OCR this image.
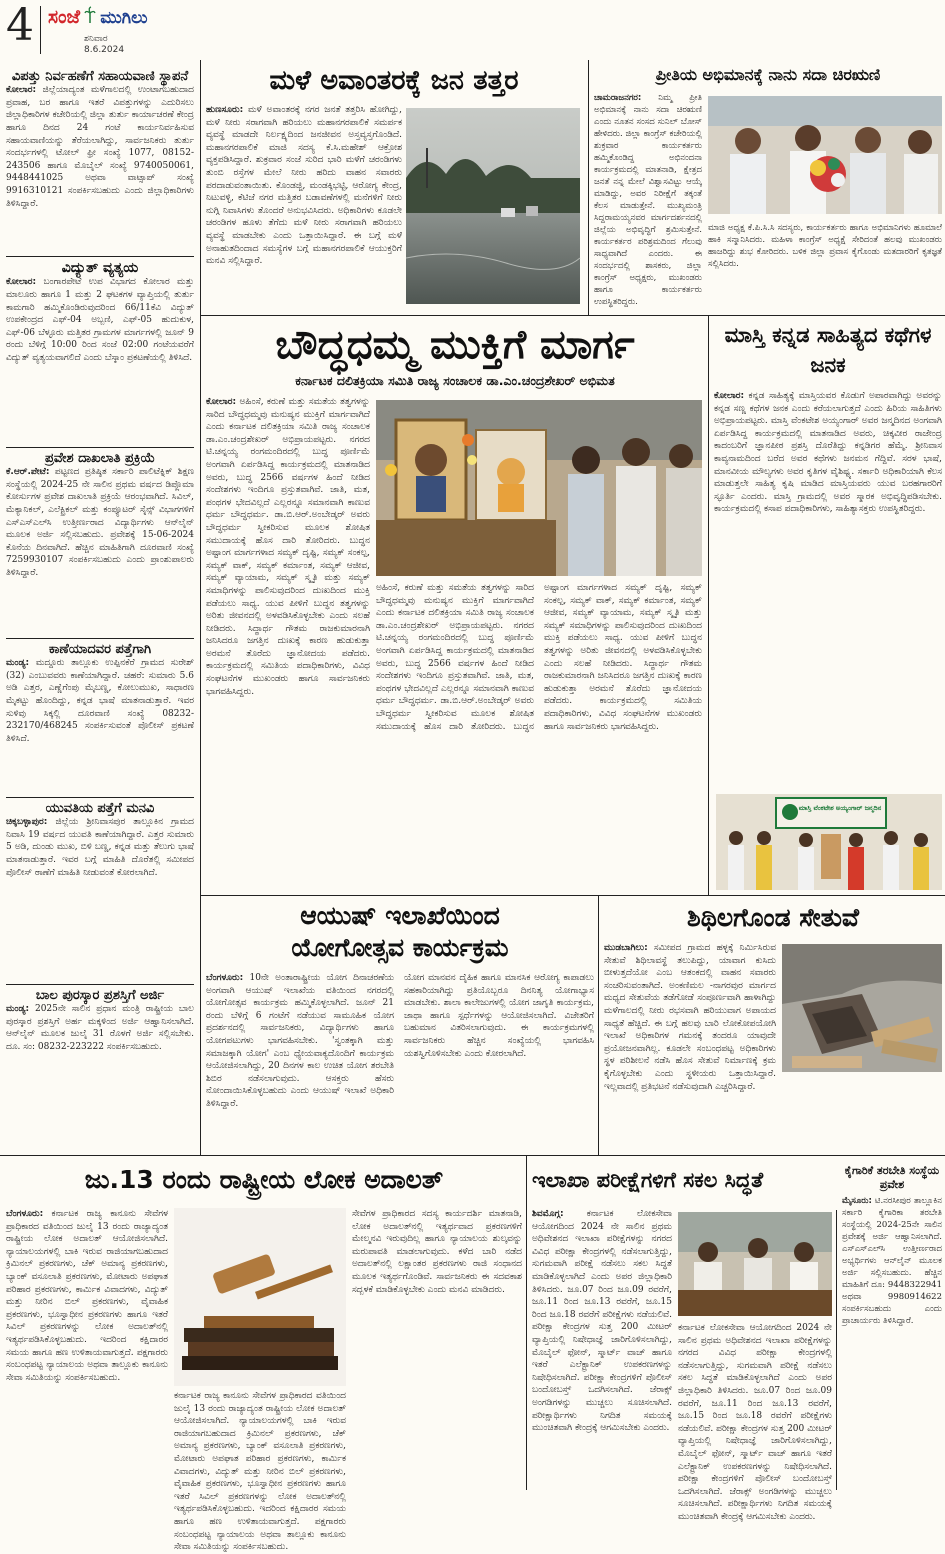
4 ಸಂಜೆ ಮುಗಿಲು
ಶನಿವಾರ
8.6.2024
ವಿಪತ್ತು ನಿರ್ವಹಣೆಗೆ ಸಹಾಯವಾಣಿ ಸ್ಥಾಪನೆ
ಕೋಲಾರ: ಜಿಲ್ಲೆಯಾದ್ಯಂತ ಮಳೆಗಾಲದಲ್ಲಿ ಉಂಟಾಗಬಹುದಾದ ಪ್ರವಾಹ, ಬರ ಹಾಗೂ ಇತರೆ ವಿಪತ್ತುಗಳನ್ನು ಎದುರಿಸಲು ಜಿಲ್ಲಾಧಿಕಾರಿಗಳ ಕಚೇರಿಯಲ್ಲಿ ಜಿಲ್ಲಾ ತುರ್ತು ಕಾರ್ಯಾಚರಣೆ ಕೇಂದ್ರ ಹಾಗೂ ದಿನದ 24 ಗಂಟೆ ಕಾರ್ಯನಿರ್ವಹಿಸುವ ಸಹಾಯವಾಣಿಯನ್ನು ತೆರೆಯಲಾಗಿದ್ದು, ಸಾರ್ವಜನಿಕರು ತುರ್ತು ಸಂದರ್ಭಗಳಲ್ಲಿ ಟೋಲ್ ಫ್ರೀ ಸಂಖ್ಯೆ 1077, 08152-243506 ಹಾಗೂ ಮೊಬೈಲ್ ಸಂಖ್ಯೆ 9740050061, 9448441025 ಅಥವಾ ವಾಟ್ಸಾಪ್ ಸಂಖ್ಯೆ 9916310121 ಸಂಪರ್ಕಿಸಬಹುದು ಎಂದು ಜಿಲ್ಲಾಧಿಕಾರಿಗಳು ತಿಳಿಸಿದ್ದಾರೆ.
ವಿದ್ಯುತ್ ವ್ಯತ್ಯಯ
ಕೋಲಾರ: ಬಂಗಾರಪೇಟೆ ಉಪ ವಿಭಾಗದ ಕೋಲಾರ ಮತ್ತು ಮಾಲೂರು ಹಾಗೂ 1 ಮತ್ತು 2 ಘಟಕಗಳ ವ್ಯಾಪ್ತಿಯಲ್ಲಿ ತುರ್ತು ಕಾಮಗಾರಿ ಹಮ್ಮಿಕೊಂಡಿರುವುದರಿಂದ 66/11ಕೆವಿ ವಿದ್ಯುತ್ ಉಪಕೇಂದ್ರದ ಎಫ್-04 ಅಬ್ಬಣಿ, ಎಫ್-05 ಹುದುಕುಳ, ಎಫ್-06 ಬೆಳ್ಳೂರು ಮತ್ತಿತರ ಗ್ರಾಮಗಳ ಮಾರ್ಗಗಳಲ್ಲಿ ಜೂನ್ 9 ರಂದು ಬೆಳಿಗ್ಗೆ 10:00 ರಿಂದ ಸಂಜೆ 02:00 ಗಂಟೆಯವರೆಗೆ ವಿದ್ಯುತ್ ವ್ಯತ್ಯಯವಾಗಲಿದೆ ಎಂದು ಬೆಸ್ಕಾಂ ಪ್ರಕಟಣೆಯಲ್ಲಿ ತಿಳಿಸಿದೆ.
ಪ್ರವೇಶ ದಾಖಲಾತಿ ಪ್ರಕ್ರಿಯೆ
ಕೆ.ಆರ್.ಪೇಟೆ: ಪಟ್ಟಣದ ಪ್ರತಿಷ್ಠಿತ ಸರ್ಕಾರಿ ಪಾಲಿಟೆಕ್ನಿಕ್ ಶಿಕ್ಷಣ ಸಂಸ್ಥೆಯಲ್ಲಿ 2024-25 ನೇ ಸಾಲಿನ ಪ್ರಥಮ ವರ್ಷದ ಡಿಪ್ಲೊಮಾ ಕೋರ್ಸುಗಳ ಪ್ರವೇಶ ದಾಖಲಾತಿ ಪ್ರಕ್ರಿಯೆ ಆರಂಭವಾಗಿದೆ. ಸಿವಿಲ್, ಮೆಕ್ಯಾನಿಕಲ್, ಎಲೆಕ್ಟ್ರಿಕಲ್ ಮತ್ತು ಕಂಪ್ಯೂಟರ್ ಸೈನ್ಸ್ ವಿಭಾಗಗಳಿಗೆ ಎಸ್‍ಎಸ್‍ಎಲ್‍ಸಿ ಉತ್ತೀರ್ಣರಾದ ವಿದ್ಯಾರ್ಥಿಗಳು ಆನ್‍ಲೈನ್ ಮೂಲಕ ಅರ್ಜಿ ಸಲ್ಲಿಸಬಹುದು. ಪ್ರವೇಶಕ್ಕೆ 15-06-2024 ಕೊನೆಯ ದಿನವಾಗಿದೆ. ಹೆಚ್ಚಿನ ಮಾಹಿತಿಗಾಗಿ ದೂರವಾಣಿ ಸಂಖ್ಯೆ 7259930107 ಸಂಪರ್ಕಿಸಬಹುದು ಎಂದು ಪ್ರಾಂಶುಪಾಲರು ತಿಳಿಸಿದ್ದಾರೆ.
ಕಾಣೆಯಾದವರ ಪತ್ತೆಗಾಗಿ
ಮಂಡ್ಯ: ಮದ್ದೂರು ತಾಲ್ಲೂಕು ಉಪ್ಪಿನಕೆರೆ ಗ್ರಾಮದ ಸುರೇಶ್ (32) ಎಂಬುವವರು ಕಾಣೆಯಾಗಿದ್ದಾರೆ. ಚಹರೆ: ಸುಮಾರು 5.6 ಅಡಿ ಎತ್ತರ, ಎಣ್ಣೆಗೆಂಪು ಮೈಬಣ್ಣ, ಕೋಲುಮುಖ, ಸಾಧಾರಣ ಮೈಕಟ್ಟು ಹೊಂದಿದ್ದು, ಕನ್ನಡ ಭಾಷೆ ಮಾತನಾಡುತ್ತಾರೆ. ಇವರ ಸುಳಿವು ಸಿಕ್ಕಲ್ಲಿ ದೂರವಾಣಿ ಸಂಖ್ಯೆ 08232-232170/468245 ಸಂಪರ್ಕಿಸುವಂತೆ ಪೊಲೀಸ್ ಪ್ರಕಟಣೆ ತಿಳಿಸಿದೆ.
ಯುವತಿಯ ಪತ್ತೆಗೆ ಮನವಿ
ಚಿಕ್ಕಬಳ್ಳಾಪುರ: ಜಿಲ್ಲೆಯ ಶ್ರೀನಿವಾಸಪುರ ತಾಲ್ಲೂಕಿನ ಗ್ರಾಮದ ನಿವಾಸಿ 19 ವರ್ಷದ ಯುವತಿ ಕಾಣೆಯಾಗಿದ್ದಾರೆ. ಎತ್ತರ ಸುಮಾರು 5 ಅಡಿ, ದುಂಡು ಮುಖ, ಬಿಳಿ ಬಣ್ಣ, ಕನ್ನಡ ಮತ್ತು ತೆಲುಗು ಭಾಷೆ ಮಾತನಾಡುತ್ತಾರೆ. ಇವರ ಬಗ್ಗೆ ಮಾಹಿತಿ ದೊರೆತಲ್ಲಿ ಸಮೀಪದ ಪೊಲೀಸ್ ಠಾಣೆಗೆ ಮಾಹಿತಿ ನೀಡುವಂತೆ ಕೋರಲಾಗಿದೆ.
ಬಾಲ ಪುರಸ್ಕಾರ ಪ್ರಶಸ್ತಿಗೆ ಅರ್ಜಿ
ಮಂಡ್ಯ: 2025ನೇ ಸಾಲಿನ ಪ್ರಧಾನ ಮಂತ್ರಿ ರಾಷ್ಟ್ರೀಯ ಬಾಲ ಪುರಸ್ಕಾರ ಪ್ರಶಸ್ತಿಗೆ ಅರ್ಹ ಮಕ್ಕಳಿಂದ ಅರ್ಜಿ ಆಹ್ವಾನಿಸಲಾಗಿದೆ. ಆನ್‍ಲೈನ್ ಮೂಲಕ ಜುಲೈ 31 ರೊಳಗೆ ಅರ್ಜಿ ಸಲ್ಲಿಸಬೇಕು. ದೂ. ಸಂ: 08232-223222 ಸಂಪರ್ಕಿಸಬಹುದು.
ಮಳೆ ಅವಾಂತರಕ್ಕೆ ಜನ ತತ್ತರ
ಹುಣಸೂರು: ಮಳೆ ಅವಾಂತರಕ್ಕೆ ನಗರ ಜನತೆ ತತ್ತರಿಸಿ ಹೋಗಿದ್ದು, ಮಳೆ ನೀರು ಸರಾಗವಾಗಿ ಹರಿಯಲು ಮಹಾನಗರಪಾಲಿಕೆ ಸಮರ್ಪಕ ವ್ಯವಸ್ಥೆ ಮಾಡದೇ ನಿರ್ಲಕ್ಷ್ಯದಿಂದ ಜನಜೀವನ ಅಸ್ತವ್ಯಸ್ತಗೊಂಡಿದೆ. ಮಹಾನಗರಪಾಲಿಕೆ ಮಾಜಿ ಸದಸ್ಯ ಕೆ.ಸಿ.ಮಹೇಶ್ ಆಕ್ರೋಶ ವ್ಯಕ್ತಪಡಿಸಿದ್ದಾರೆ. ಶುಕ್ರವಾರ ಸಂಜೆ ಸುರಿದ ಭಾರಿ ಮಳೆಗೆ ಚರಂಡಿಗಳು ತುಂಬಿ ರಸ್ತೆಗಳ ಮೇಲೆ ನೀರು ಹರಿದು ವಾಹನ ಸವಾರರು ಪರದಾಡುವಂತಾಯಿತು. ಕೊಂಡಜ್ಜಿ, ಮಂಡಕ್ಕಿಭಟ್ಟಿ, ಆರೋಗ್ಯ ಕೇಂದ್ರ, ನಿಟುವಳ್ಳಿ, ಕೆಟಿಜೆ ನಗರ ಮತ್ತಿತರ ಬಡಾವಣೆಗಳಲ್ಲಿ ಮನೆಗಳಿಗೆ ನೀರು ನುಗ್ಗಿ ನಿವಾಸಿಗಳು ತೊಂದರೆ ಅನುಭವಿಸಿದರು. ಅಧಿಕಾರಿಗಳು ಕೂಡಲೇ ಚರಂಡಿಗಳ ಹೂಳು ತೆಗೆದು ಮಳೆ ನೀರು ಸರಾಗವಾಗಿ ಹರಿಯಲು ವ್ಯವಸ್ಥೆ ಮಾಡಬೇಕು ಎಂದು ಒತ್ತಾಯಿಸಿದ್ದಾರೆ. ಈ ಬಗ್ಗೆ ಮಳೆ ಅನಾಹುತದಿಂದಾದ ಸಮಸ್ಯೆಗಳ ಬಗ್ಗೆ ಮಹಾನಗರಪಾಲಿಕೆ ಆಯುಕ್ತರಿಗೆ ಮನವಿ ಸಲ್ಲಿಸಿದ್ದಾರೆ.
ಪ್ರೀತಿಯ ಅಭಿಮಾನಕ್ಕೆ ನಾನು ಸದಾ ಚಿರಋಣಿ
ಚಾಮರಾಜನಗರ: ನಿಮ್ಮ ಪ್ರೀತಿ ಅಭಿಮಾನಕ್ಕೆ ನಾನು ಸದಾ ಚಿರಋಣಿ ಎಂದು ನೂತನ ಸಂಸದ ಸುನಿಲ್ ಬೋಸ್ ಹೇಳಿದರು. ಜಿಲ್ಲಾ ಕಾಂಗ್ರೆಸ್ ಕಚೇರಿಯಲ್ಲಿ ಶುಕ್ರವಾರ ಕಾರ್ಯಕರ್ತರು ಹಮ್ಮಿಕೊಂಡಿದ್ದ ಅಭಿನಂದನಾ ಕಾರ್ಯಕ್ರಮದಲ್ಲಿ ಮಾತನಾಡಿ, ಕ್ಷೇತ್ರದ ಜನತೆ ನನ್ನ ಮೇಲೆ ವಿಶ್ವಾಸವಿಟ್ಟು ಆಯ್ಕೆ ಮಾಡಿದ್ದು, ಅವರ ನಿರೀಕ್ಷೆಗೆ ತಕ್ಕಂತೆ ಕೆಲಸ ಮಾಡುತ್ತೇನೆ. ಮುಖ್ಯಮಂತ್ರಿ ಸಿದ್ದರಾಮಯ್ಯನವರ ಮಾರ್ಗದರ್ಶನದಲ್ಲಿ ಜಿಲ್ಲೆಯ ಅಭಿವೃದ್ಧಿಗೆ ಶ್ರಮಿಸುತ್ತೇನೆ. ಕಾರ್ಯಕರ್ತರ ಪರಿಶ್ರಮದಿಂದ ಗೆಲುವು ಸಾಧ್ಯವಾಗಿದೆ ಎಂದರು. ಈ ಸಂದರ್ಭದಲ್ಲಿ ಶಾಸಕರು, ಜಿಲ್ಲಾ ಕಾಂಗ್ರೆಸ್ ಅಧ್ಯಕ್ಷರು, ಮುಖಂಡರು ಹಾಗೂ ಕಾರ್ಯಕರ್ತರು ಉಪಸ್ಥಿತರಿದ್ದರು.
ಮಾಜಿ ಅಧ್ಯಕ್ಷ ಕೆ.ಪಿ.ಸಿ.ಸಿ ಸದಸ್ಯರು, ಕಾರ್ಯಕರ್ತರು ಹಾಗೂ ಅಭಿಮಾನಿಗಳು ಹೂಮಾಲೆ ಹಾಕಿ ಸನ್ಮಾನಿಸಿದರು. ಮಹಿಳಾ ಕಾಂಗ್ರೆಸ್ ಅಧ್ಯಕ್ಷೆ ಸೇರಿದಂತೆ ಹಲವು ಮುಖಂಡರು ಹಾಜರಿದ್ದು ಶುಭ ಕೋರಿದರು. ಬಳಿಕ ಜಿಲ್ಲಾ ಪ್ರವಾಸ ಕೈಗೊಂಡು ಮತದಾರರಿಗೆ ಕೃತಜ್ಞತೆ ಸಲ್ಲಿಸಿದರು.
ಬೌದ್ಧಧಮ್ಮ ಮುಕ್ತಿಗೆ ಮಾರ್ಗ
ಕರ್ನಾಟಕ ದಲಿತಕ್ರಿಯಾ ಸಮಿತಿ ರಾಜ್ಯ ಸಂಚಾಲಕ ಡಾ.ಎಂ.ಚಂದ್ರಶೇಖರ್ ಅಭಿಮತ
ಕೋಲಾರ: ಅಹಿಂಸೆ, ಕರುಣೆ ಮತ್ತು ಸಮತೆಯ ತತ್ವಗಳನ್ನು ಸಾರಿದ ಬೌದ್ಧಧಮ್ಮವು ಮನುಷ್ಯನ ಮುಕ್ತಿಗೆ ಮಾರ್ಗವಾಗಿದೆ ಎಂದು ಕರ್ನಾಟಕ ದಲಿತಕ್ರಿಯಾ ಸಮಿತಿ ರಾಜ್ಯ ಸಂಚಾಲಕ ಡಾ.ಎಂ.ಚಂದ್ರಶೇಖರ್ ಅಭಿಪ್ರಾಯಪಟ್ಟರು. ನಗರದ ಟಿ.ಚನ್ನಯ್ಯ ರಂಗಮಂದಿರದಲ್ಲಿ ಬುದ್ಧ ಪೂರ್ಣಿಮೆ ಅಂಗವಾಗಿ ಏರ್ಪಡಿಸಿದ್ದ ಕಾರ್ಯಕ್ರಮದಲ್ಲಿ ಮಾತನಾಡಿದ ಅವರು, ಬುದ್ಧ 2566 ವರ್ಷಗಳ ಹಿಂದೆ ನೀಡಿದ ಸಂದೇಶಗಳು ಇಂದಿಗೂ ಪ್ರಸ್ತುತವಾಗಿವೆ. ಜಾತಿ, ಮತ, ಪಂಥಗಳ ಭೇದವಿಲ್ಲದೆ ಎಲ್ಲರನ್ನೂ ಸಮಾನವಾಗಿ ಕಾಣುವ ಧರ್ಮ ಬೌದ್ಧಧರ್ಮ. ಡಾ.ಬಿ.ಆರ್.ಅಂಬೇಡ್ಕರ್ ಅವರು ಬೌದ್ಧಧರ್ಮ ಸ್ವೀಕರಿಸುವ ಮೂಲಕ ಶೋಷಿತ ಸಮುದಾಯಕ್ಕೆ ಹೊಸ ದಾರಿ ತೋರಿದರು. ಬುದ್ಧನ ಅಷ್ಟಾಂಗ ಮಾರ್ಗಗಳಾದ ಸಮ್ಯಕ್ ದೃಷ್ಟಿ, ಸಮ್ಯಕ್ ಸಂಕಲ್ಪ, ಸಮ್ಯಕ್ ವಾಕ್, ಸಮ್ಯಕ್ ಕರ್ಮಾಂತ, ಸಮ್ಯಕ್ ಆಜೀವ, ಸಮ್ಯಕ್ ವ್ಯಾಯಾಮ, ಸಮ್ಯಕ್ ಸ್ಮೃತಿ ಮತ್ತು ಸಮ್ಯಕ್ ಸಮಾಧಿಗಳನ್ನು ಪಾಲಿಸುವುದರಿಂದ ದುಃಖದಿಂದ ಮುಕ್ತಿ ಪಡೆಯಲು ಸಾಧ್ಯ. ಯುವ ಪೀಳಿಗೆ ಬುದ್ಧನ ತತ್ವಗಳನ್ನು ಅರಿತು ಜೀವನದಲ್ಲಿ ಅಳವಡಿಸಿಕೊಳ್ಳಬೇಕು ಎಂದು ಸಲಹೆ ನೀಡಿದರು. ಸಿದ್ಧಾರ್ಥ ಗೌತಮ ರಾಜಕುಮಾರನಾಗಿ ಜನಿಸಿದರೂ ಜಗತ್ತಿನ ದುಃಖಕ್ಕೆ ಕಾರಣ ಹುಡುಕುತ್ತಾ ಅರಮನೆ ತೊರೆದು ಜ್ಞಾನೋದಯ ಪಡೆದರು. ಕಾರ್ಯಕ್ರಮದಲ್ಲಿ ಸಮಿತಿಯ ಪದಾಧಿಕಾರಿಗಳು, ವಿವಿಧ ಸಂಘಟನೆಗಳ ಮುಖಂಡರು ಹಾಗೂ ಸಾರ್ವಜನಿಕರು ಭಾಗವಹಿಸಿದ್ದರು.
ಅಹಿಂಸೆ, ಕರುಣೆ ಮತ್ತು ಸಮತೆಯ ತತ್ವಗಳನ್ನು ಸಾರಿದ ಬೌದ್ಧಧಮ್ಮವು ಮನುಷ್ಯನ ಮುಕ್ತಿಗೆ ಮಾರ್ಗವಾಗಿದೆ ಎಂದು ಕರ್ನಾಟಕ ದಲಿತಕ್ರಿಯಾ ಸಮಿತಿ ರಾಜ್ಯ ಸಂಚಾಲಕ ಡಾ.ಎಂ.ಚಂದ್ರಶೇಖರ್ ಅಭಿಪ್ರಾಯಪಟ್ಟರು. ನಗರದ ಟಿ.ಚನ್ನಯ್ಯ ರಂಗಮಂದಿರದಲ್ಲಿ ಬುದ್ಧ ಪೂರ್ಣಿಮೆ ಅಂಗವಾಗಿ ಏರ್ಪಡಿಸಿದ್ದ ಕಾರ್ಯಕ್ರಮದಲ್ಲಿ ಮಾತನಾಡಿದ ಅವರು, ಬುದ್ಧ 2566 ವರ್ಷಗಳ ಹಿಂದೆ ನೀಡಿದ ಸಂದೇಶಗಳು ಇಂದಿಗೂ ಪ್ರಸ್ತುತವಾಗಿವೆ. ಜಾತಿ, ಮತ, ಪಂಥಗಳ ಭೇದವಿಲ್ಲದೆ ಎಲ್ಲರನ್ನೂ ಸಮಾನವಾಗಿ ಕಾಣುವ ಧರ್ಮ ಬೌದ್ಧಧರ್ಮ. ಡಾ.ಬಿ.ಆರ್.ಅಂಬೇಡ್ಕರ್ ಅವರು ಬೌದ್ಧಧರ್ಮ ಸ್ವೀಕರಿಸುವ ಮೂಲಕ ಶೋಷಿತ ಸಮುದಾಯಕ್ಕೆ ಹೊಸ ದಾರಿ ತೋರಿದರು. ಬುದ್ಧನ ಅಷ್ಟಾಂಗ ಮಾರ್ಗಗಳಾದ ಸಮ್ಯಕ್ ದೃಷ್ಟಿ, ಸಮ್ಯಕ್ ಸಂಕಲ್ಪ, ಸಮ್ಯಕ್ ವಾಕ್, ಸಮ್ಯಕ್ ಕರ್ಮಾಂತ, ಸಮ್ಯಕ್ ಆಜೀವ, ಸಮ್ಯಕ್ ವ್ಯಾಯಾಮ, ಸಮ್ಯಕ್ ಸ್ಮೃತಿ ಮತ್ತು ಸಮ್ಯಕ್ ಸಮಾಧಿಗಳನ್ನು ಪಾಲಿಸುವುದರಿಂದ ದುಃಖದಿಂದ ಮುಕ್ತಿ ಪಡೆಯಲು ಸಾಧ್ಯ. ಯುವ ಪೀಳಿಗೆ ಬುದ್ಧನ ತತ್ವಗಳನ್ನು ಅರಿತು ಜೀವನದಲ್ಲಿ ಅಳವಡಿಸಿಕೊಳ್ಳಬೇಕು ಎಂದು ಸಲಹೆ ನೀಡಿದರು. ಸಿದ್ಧಾರ್ಥ ಗೌತಮ ರಾಜಕುಮಾರನಾಗಿ ಜನಿಸಿದರೂ ಜಗತ್ತಿನ ದುಃಖಕ್ಕೆ ಕಾರಣ ಹುಡುಕುತ್ತಾ ಅರಮನೆ ತೊರೆದು ಜ್ಞಾನೋದಯ ಪಡೆದರು. ಕಾರ್ಯಕ್ರಮದಲ್ಲಿ ಸಮಿತಿಯ ಪದಾಧಿಕಾರಿಗಳು, ವಿವಿಧ ಸಂಘಟನೆಗಳ ಮುಖಂಡರು ಹಾಗೂ ಸಾರ್ವಜನಿಕರು ಭಾಗವಹಿಸಿದ್ದರು.
ಮಾಸ್ತಿ ಕನ್ನಡ ಸಾಹಿತ್ಯದ ಕಥೆಗಳ ಜನಕ
ಕೋಲಾರ: ಕನ್ನಡ ಸಾಹಿತ್ಯಕ್ಕೆ ಮಾಸ್ತಿಯವರ ಕೊಡುಗೆ ಅಪಾರವಾಗಿದ್ದು ಅವರನ್ನು ಕನ್ನಡ ಸಣ್ಣ ಕಥೆಗಳ ಜನಕ ಎಂದು ಕರೆಯಲಾಗುತ್ತದೆ ಎಂದು ಹಿರಿಯ ಸಾಹಿತಿಗಳು ಅಭಿಪ್ರಾಯಪಟ್ಟರು. ಮಾಸ್ತಿ ವೆಂಕಟೇಶ ಅಯ್ಯಂಗಾರ್ ಅವರ ಜನ್ಮದಿನದ ಅಂಗವಾಗಿ ಏರ್ಪಡಿಸಿದ್ದ ಕಾರ್ಯಕ್ರಮದಲ್ಲಿ ಮಾತನಾಡಿದ ಅವರು, ಚಿಕ್ಕವೀರ ರಾಜೇಂದ್ರ ಕಾದಂಬರಿಗೆ ಜ್ಞಾನಪೀಠ ಪ್ರಶಸ್ತಿ ದೊರೆತಿದ್ದು ಕನ್ನಡಿಗರ ಹೆಮ್ಮೆ. ಶ್ರೀನಿವಾಸ ಕಾವ್ಯನಾಮದಿಂದ ಬರೆದ ಅವರ ಕಥೆಗಳು ಜನಮನ ಗೆದ್ದಿವೆ. ಸರಳ ಭಾಷೆ, ಮಾನವೀಯ ಮೌಲ್ಯಗಳು ಅವರ ಕೃತಿಗಳ ವೈಶಿಷ್ಟ್ಯ. ಸರ್ಕಾರಿ ಅಧಿಕಾರಿಯಾಗಿ ಕೆಲಸ ಮಾಡುತ್ತಲೇ ಸಾಹಿತ್ಯ ಕೃಷಿ ಮಾಡಿದ ಮಾಸ್ತಿಯವರು ಯುವ ಬರಹಗಾರರಿಗೆ ಸ್ಫೂರ್ತಿ ಎಂದರು. ಮಾಸ್ತಿ ಗ್ರಾಮದಲ್ಲಿ ಅವರ ಸ್ಮಾರಕ ಅಭಿವೃದ್ಧಿಪಡಿಸಬೇಕು. ಕಾರ್ಯಕ್ರಮದಲ್ಲಿ ಕಸಾಪ ಪದಾಧಿಕಾರಿಗಳು, ಸಾಹಿತ್ಯಾಸಕ್ತರು ಉಪಸ್ಥಿತರಿದ್ದರು.
ಮಾಸ್ತಿ ವೆಂಕಟೇಶ ಅಯ್ಯಂಗಾರ್ ಜನ್ಮದಿನ
ಆಯುಷ್ ಇಲಾಖೆಯಿಂದ
ಯೋಗೋತ್ಸವ ಕಾರ್ಯಕ್ರಮ
ಬೆಂಗಳೂರು: 10ನೇ ಅಂತಾರಾಷ್ಟ್ರೀಯ ಯೋಗ ದಿನಾಚರಣೆಯ ಅಂಗವಾಗಿ ಆಯುಷ್ ಇಲಾಖೆಯ ವತಿಯಿಂದ ನಗರದಲ್ಲಿ ಯೋಗೋತ್ಸವ ಕಾರ್ಯಕ್ರಮ ಹಮ್ಮಿಕೊಳ್ಳಲಾಗಿದೆ. ಜೂನ್ 21 ರಂದು ಬೆಳಿಗ್ಗೆ 6 ಗಂಟೆಗೆ ನಡೆಯುವ ಸಾಮೂಹಿಕ ಯೋಗ ಪ್ರದರ್ಶನದಲ್ಲಿ ಸಾರ್ವಜನಿಕರು, ವಿದ್ಯಾರ್ಥಿಗಳು ಹಾಗೂ ಯೋಗಪಟುಗಳು ಭಾಗವಹಿಸಬೇಕು. 'ಸ್ವಂತಕ್ಕಾಗಿ ಮತ್ತು ಸಮಾಜಕ್ಕಾಗಿ ಯೋಗ' ಎಂಬ ಧ್ಯೇಯವಾಕ್ಯದೊಂದಿಗೆ ಕಾರ್ಯಕ್ರಮ ಆಯೋಜಿಸಲಾಗಿದ್ದು, 20 ದಿನಗಳ ಕಾಲ ಉಚಿತ ಯೋಗ ತರಬೇತಿ ಶಿಬಿರ ನಡೆಸಲಾಗುವುದು. ಆಸಕ್ತರು ಹೆಸರು ನೋಂದಾಯಿಸಿಕೊಳ್ಳಬಹುದು ಎಂದು ಆಯುಷ್ ಇಲಾಖೆ ಅಧಿಕಾರಿ ತಿಳಿಸಿದ್ದಾರೆ.
ಯೋಗ ಮಾನವನ ದೈಹಿಕ ಹಾಗೂ ಮಾನಸಿಕ ಆರೋಗ್ಯ ಕಾಪಾಡಲು ಸಹಕಾರಿಯಾಗಿದ್ದು ಪ್ರತಿಯೊಬ್ಬರೂ ದಿನನಿತ್ಯ ಯೋಗಾಭ್ಯಾಸ ಮಾಡಬೇಕು. ಶಾಲಾ ಕಾಲೇಜುಗಳಲ್ಲಿ ಯೋಗ ಜಾಗೃತಿ ಕಾರ್ಯಕ್ರಮ, ಜಾಥಾ ಹಾಗೂ ಸ್ಪರ್ಧೆಗಳನ್ನು ಆಯೋಜಿಸಲಾಗಿದೆ. ವಿಜೇತರಿಗೆ ಬಹುಮಾನ ವಿತರಿಸಲಾಗುವುದು. ಈ ಕಾರ್ಯಕ್ರಮಗಳಲ್ಲಿ ಸಾರ್ವಜನಿಕರು ಹೆಚ್ಚಿನ ಸಂಖ್ಯೆಯಲ್ಲಿ ಭಾಗವಹಿಸಿ ಯಶಸ್ವಿಗೊಳಿಸಬೇಕು ಎಂದು ಕೋರಲಾಗಿದೆ.
ಶಿಥಿಲಗೊಂಡ ಸೇತುವೆ
ಮುಡಬಾಗಿಲು: ಸಮೀಪದ ಗ್ರಾಮದ ಹಳ್ಳಕ್ಕೆ ನಿರ್ಮಿಸಿರುವ ಸೇತುವೆ ಶಿಥಿಲಾವಸ್ಥೆ ತಲುಪಿದ್ದು, ಯಾವಾಗ ಕುಸಿದು ಬೀಳುತ್ತದೆಯೋ ಎಂಬ ಆತಂಕದಲ್ಲಿ ವಾಹನ ಸವಾರರು ಸಂಚರಿಸುವಂತಾಗಿದೆ. ಅಂಕಣಿಮಲ -ನಾಗರವುರ ಮಾರ್ಗದ ಮಧ್ಯದ ಸೇತುವೆಯ ತಡೆಗೋಡೆ ಸಂಪೂರ್ಣವಾಗಿ ಹಾಳಾಗಿದ್ದು ಮಳೆಗಾಲದಲ್ಲಿ ನೀರು ರಭಸವಾಗಿ ಹರಿಯುವಾಗ ಅಪಾಯದ ಸಾಧ್ಯತೆ ಹೆಚ್ಚಿದೆ. ಈ ಬಗ್ಗೆ ಹಲವು ಬಾರಿ ಲೋಕೋಪಯೋಗಿ ಇಲಾಖೆ ಅಧಿಕಾರಿಗಳ ಗಮನಕ್ಕೆ ತಂದರೂ ಯಾವುದೇ ಪ್ರಯೋಜನವಾಗಿಲ್ಲ. ಕೂಡಲೇ ಸಂಬಂಧಪಟ್ಟ ಅಧಿಕಾರಿಗಳು ಸ್ಥಳ ಪರಿಶೀಲನೆ ನಡೆಸಿ ಹೊಸ ಸೇತುವೆ ನಿರ್ಮಾಣಕ್ಕೆ ಕ್ರಮ ಕೈಗೊಳ್ಳಬೇಕು ಎಂದು ಸ್ಥಳೀಯರು ಒತ್ತಾಯಿಸಿದ್ದಾರೆ. ಇಲ್ಲವಾದಲ್ಲಿ ಪ್ರತಿಭಟನೆ ನಡೆಸುವುದಾಗಿ ಎಚ್ಚರಿಸಿದ್ದಾರೆ.
ಜು.13 ರಂದು ರಾಷ್ಟ್ರೀಯ ಲೋಕ ಅದಾಲತ್
ಬೆಂಗಳೂರು: ಕರ್ನಾಟಕ ರಾಜ್ಯ ಕಾನೂನು ಸೇವೆಗಳ ಪ್ರಾಧಿಕಾರದ ವತಿಯಿಂದ ಜುಲೈ 13 ರಂದು ರಾಜ್ಯಾದ್ಯಂತ ರಾಷ್ಟ್ರೀಯ ಲೋಕ ಅದಾಲತ್ ಆಯೋಜಿಸಲಾಗಿದೆ. ನ್ಯಾಯಾಲಯಗಳಲ್ಲಿ ಬಾಕಿ ಇರುವ ರಾಜಿಯಾಗಬಹುದಾದ ಕ್ರಿಮಿನಲ್ ಪ್ರಕರಣಗಳು, ಚೆಕ್ ಅಮಾನ್ಯ ಪ್ರಕರಣಗಳು, ಬ್ಯಾಂಕ್ ವಸೂಲಾತಿ ಪ್ರಕರಣಗಳು, ಮೋಟಾರು ಅಪಘಾತ ಪರಿಹಾರ ಪ್ರಕರಣಗಳು, ಕಾರ್ಮಿಕ ವಿವಾದಗಳು, ವಿದ್ಯುತ್ ಮತ್ತು ನೀರಿನ ಬಿಲ್ ಪ್ರಕರಣಗಳು, ವೈವಾಹಿಕ ಪ್ರಕರಣಗಳು, ಭೂಸ್ವಾಧೀನ ಪ್ರಕರಣಗಳು ಹಾಗೂ ಇತರೆ ಸಿವಿಲ್ ಪ್ರಕರಣಗಳನ್ನು ಲೋಕ ಅದಾಲತ್‍ನಲ್ಲಿ ಇತ್ಯರ್ಥಪಡಿಸಿಕೊಳ್ಳಬಹುದು. ಇದರಿಂದ ಕಕ್ಷಿದಾರರ ಸಮಯ ಹಾಗೂ ಹಣ ಉಳಿತಾಯವಾಗುತ್ತದೆ. ಪಕ್ಷಗಾರರು ಸಂಬಂಧಪಟ್ಟ ನ್ಯಾಯಾಲಯ ಅಥವಾ ತಾಲ್ಲೂಕು ಕಾನೂನು ಸೇವಾ ಸಮಿತಿಯನ್ನು ಸಂಪರ್ಕಿಸಬಹುದು.
ಕರ್ನಾಟಕ ರಾಜ್ಯ ಕಾನೂನು ಸೇವೆಗಳ ಪ್ರಾಧಿಕಾರದ ವತಿಯಿಂದ ಜುಲೈ 13 ರಂದು ರಾಜ್ಯಾದ್ಯಂತ ರಾಷ್ಟ್ರೀಯ ಲೋಕ ಅದಾಲತ್ ಆಯೋಜಿಸಲಾಗಿದೆ. ನ್ಯಾಯಾಲಯಗಳಲ್ಲಿ ಬಾಕಿ ಇರುವ ರಾಜಿಯಾಗಬಹುದಾದ ಕ್ರಿಮಿನಲ್ ಪ್ರಕರಣಗಳು, ಚೆಕ್ ಅಮಾನ್ಯ ಪ್ರಕರಣಗಳು, ಬ್ಯಾಂಕ್ ವಸೂಲಾತಿ ಪ್ರಕರಣಗಳು, ಮೋಟಾರು ಅಪಘಾತ ಪರಿಹಾರ ಪ್ರಕರಣಗಳು, ಕಾರ್ಮಿಕ ವಿವಾದಗಳು, ವಿದ್ಯುತ್ ಮತ್ತು ನೀರಿನ ಬಿಲ್ ಪ್ರಕರಣಗಳು, ವೈವಾಹಿಕ ಪ್ರಕರಣಗಳು, ಭೂಸ್ವಾಧೀನ ಪ್ರಕರಣಗಳು ಹಾಗೂ ಇತರೆ ಸಿವಿಲ್ ಪ್ರಕರಣಗಳನ್ನು ಲೋಕ ಅದಾಲತ್‍ನಲ್ಲಿ ಇತ್ಯರ್ಥಪಡಿಸಿಕೊಳ್ಳಬಹುದು. ಇದರಿಂದ ಕಕ್ಷಿದಾರರ ಸಮಯ ಹಾಗೂ ಹಣ ಉಳಿತಾಯವಾಗುತ್ತದೆ. ಪಕ್ಷಗಾರರು ಸಂಬಂಧಪಟ್ಟ ನ್ಯಾಯಾಲಯ ಅಥವಾ ತಾಲ್ಲೂಕು ಕಾನೂನು ಸೇವಾ ಸಮಿತಿಯನ್ನು ಸಂಪರ್ಕಿಸಬಹುದು.
ಸೇವೆಗಳ ಪ್ರಾಧಿಕಾರದ ಸದಸ್ಯ ಕಾರ್ಯದರ್ಶಿ ಮಾತನಾಡಿ, ಲೋಕ ಅದಾಲತ್‍ನಲ್ಲಿ ಇತ್ಯರ್ಥವಾದ ಪ್ರಕರಣಗಳಿಗೆ ಮೇಲ್ಮನವಿ ಇರುವುದಿಲ್ಲ ಹಾಗೂ ನ್ಯಾಯಾಲಯ ಶುಲ್ಕವನ್ನು ಮರುಪಾವತಿ ಮಾಡಲಾಗುವುದು. ಕಳೆದ ಬಾರಿ ನಡೆದ ಅದಾಲತ್‍ನಲ್ಲಿ ಲಕ್ಷಾಂತರ ಪ್ರಕರಣಗಳು ರಾಜಿ ಸಂಧಾನದ ಮೂಲಕ ಇತ್ಯರ್ಥಗೊಂಡಿವೆ. ಸಾರ್ವಜನಿಕರು ಈ ಸದವಕಾಶ ಸದ್ಬಳಕೆ ಮಾಡಿಕೊಳ್ಳಬೇಕು ಎಂದು ಮನವಿ ಮಾಡಿದರು.
ಇಲಾಖಾ ಪರೀಕ್ಷೆಗಳಿಗೆ ಸಕಲ ಸಿದ್ಧತೆ
ಶಿವಮೊಗ್ಗ:	ಕರ್ನಾಟಕ ಲೋಕಸೇವಾ ಆಯೋಗದಿಂದ 2024 ನೇ ಸಾಲಿನ ಪ್ರಥಮ ಅಧಿವೇಶನದ ಇಲಾಖಾ ಪರೀಕ್ಷೆಗಳನ್ನು ನಗರದ ವಿವಿಧ ಪರೀಕ್ಷಾ ಕೇಂದ್ರಗಳಲ್ಲಿ ನಡೆಸಲಾಗುತ್ತಿದ್ದು, ಸುಗಮವಾಗಿ ಪರೀಕ್ಷೆ ನಡೆಸಲು ಸಕಲ ಸಿದ್ಧತೆ ಮಾಡಿಕೊಳ್ಳಲಾಗಿದೆ ಎಂದು ಅಪರ ಜಿಲ್ಲಾಧಿಕಾರಿ ತಿಳಿಸಿದರು. ಜೂ.07 ರಿಂದ ಜೂ.09 ರವರೆಗೆ, ಜೂ.11 ರಿಂದ ಜೂ.13 ರವರೆಗೆ, ಜೂ.15 ರಿಂದ ಜೂ.18 ರವರೆಗೆ ಪರೀಕ್ಷೆಗಳು ನಡೆಯಲಿವೆ. ಪರೀಕ್ಷಾ ಕೇಂದ್ರಗಳ ಸುತ್ತ 200 ಮೀಟರ್ ವ್ಯಾಪ್ತಿಯಲ್ಲಿ ನಿಷೇಧಾಜ್ಞೆ ಜಾರಿಗೊಳಿಸಲಾಗಿದ್ದು, ಮೊಬೈಲ್ ಫೋನ್, ಸ್ಮಾರ್ಟ್ ವಾಚ್ ಹಾಗೂ ಇತರೆ ಎಲೆಕ್ಟ್ರಾನಿಕ್ ಉಪಕರಣಗಳನ್ನು ನಿಷೇಧಿಸಲಾಗಿದೆ. ಪರೀಕ್ಷಾ ಕೇಂದ್ರಗಳಿಗೆ ಪೊಲೀಸ್ ಬಂದೋಬಸ್ತ್ ಒದಗಿಸಲಾಗಿದೆ. ಜೆರಾಕ್ಸ್ ಅಂಗಡಿಗಳನ್ನು ಮುಚ್ಚಲು ಸೂಚಿಸಲಾಗಿದೆ. ಪರೀಕ್ಷಾರ್ಥಿಗಳು ನಿಗದಿತ ಸಮಯಕ್ಕೆ ಮುಂಚಿತವಾಗಿ ಕೇಂದ್ರಕ್ಕೆ ಆಗಮಿಸಬೇಕು ಎಂದರು.
ಕರ್ನಾಟಕ ಲೋಕಸೇವಾ ಆಯೋಗದಿಂದ 2024 ನೇ ಸಾಲಿನ ಪ್ರಥಮ ಅಧಿವೇಶನದ ಇಲಾಖಾ ಪರೀಕ್ಷೆಗಳನ್ನು ನಗರದ ವಿವಿಧ ಪರೀಕ್ಷಾ ಕೇಂದ್ರಗಳಲ್ಲಿ ನಡೆಸಲಾಗುತ್ತಿದ್ದು, ಸುಗಮವಾಗಿ ಪರೀಕ್ಷೆ ನಡೆಸಲು ಸಕಲ ಸಿದ್ಧತೆ ಮಾಡಿಕೊಳ್ಳಲಾಗಿದೆ ಎಂದು ಅಪರ ಜಿಲ್ಲಾಧಿಕಾರಿ ತಿಳಿಸಿದರು. ಜೂ.07 ರಿಂದ ಜೂ.09 ರವರೆಗೆ, ಜೂ.11 ರಿಂದ ಜೂ.13 ರವರೆಗೆ, ಜೂ.15 ರಿಂದ ಜೂ.18 ರವರೆಗೆ ಪರೀಕ್ಷೆಗಳು ನಡೆಯಲಿವೆ. ಪರೀಕ್ಷಾ ಕೇಂದ್ರಗಳ ಸುತ್ತ 200 ಮೀಟರ್ ವ್ಯಾಪ್ತಿಯಲ್ಲಿ ನಿಷೇಧಾಜ್ಞೆ ಜಾರಿಗೊಳಿಸಲಾಗಿದ್ದು, ಮೊಬೈಲ್ ಫೋನ್, ಸ್ಮಾರ್ಟ್ ವಾಚ್ ಹಾಗೂ ಇತರೆ ಎಲೆಕ್ಟ್ರಾನಿಕ್ ಉಪಕರಣಗಳನ್ನು ನಿಷೇಧಿಸಲಾಗಿದೆ. ಪರೀಕ್ಷಾ ಕೇಂದ್ರಗಳಿಗೆ ಪೊಲೀಸ್ ಬಂದೋಬಸ್ತ್ ಒದಗಿಸಲಾಗಿದೆ. ಜೆರಾಕ್ಸ್ ಅಂಗಡಿಗಳನ್ನು ಮುಚ್ಚಲು ಸೂಚಿಸಲಾಗಿದೆ. ಪರೀಕ್ಷಾರ್ಥಿಗಳು ನಿಗದಿತ ಸಮಯಕ್ಕೆ ಮುಂಚಿತವಾಗಿ ಕೇಂದ್ರಕ್ಕೆ ಆಗಮಿಸಬೇಕು ಎಂದರು.
ಕೈಗಾರಿಕೆ ತರಬೇತಿ ಸಂಸ್ಥೆಯ ಪ್ರವೇಶ
ಮೈಸೂರು: ಟಿ.ನರಸೀಪುರ ತಾಲ್ಲೂಕಿನ ಸರ್ಕಾರಿ ಕೈಗಾರಿಕಾ ತರಬೇತಿ ಸಂಸ್ಥೆಯಲ್ಲಿ 2024-25ನೇ ಸಾಲಿನ ಪ್ರವೇಶಕ್ಕೆ ಅರ್ಜಿ ಆಹ್ವಾನಿಸಲಾಗಿದೆ. ಎಸ್‍ಎಸ್‍ಎಲ್‍ಸಿ ಉತ್ತೀರ್ಣರಾದ ಅಭ್ಯರ್ಥಿಗಳು ಆನ್‍ಲೈನ್ ಮೂಲಕ ಅರ್ಜಿ ಸಲ್ಲಿಸಬಹುದು. ಹೆಚ್ಚಿನ ಮಾಹಿತಿಗೆ ದೂ: 9448322941 ಅಥವಾ 9980914622 ಸಂಪರ್ಕಿಸಬಹುದು ಎಂದು ಪ್ರಾಚಾರ್ಯರು ತಿಳಿಸಿದ್ದಾರೆ.
